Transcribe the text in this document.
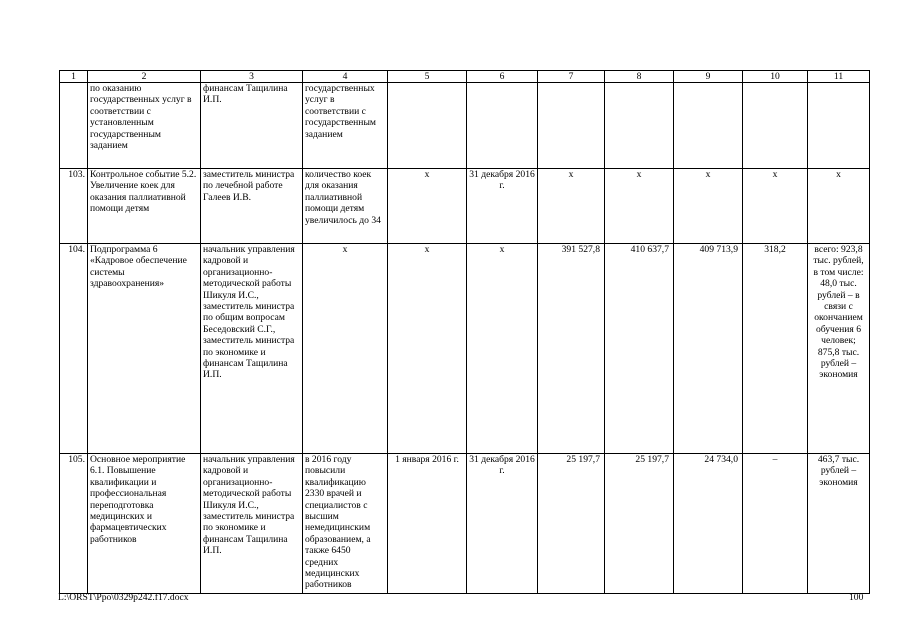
1	2	3	4	5	6	7	8	9	10	11
	по оказанию государственных услуг в соответствии с установленным государственным заданием	финансам Тащилина И.П.	государственных услуг в соответствии с государственным заданием							
103.	Контрольное событие 5.2. Увеличение коек для оказания паллиативной помощи детям	заместитель министра по лечебной работе Галеев И.В.	количество коек для оказания паллиативной помощи детям увеличилось до 34	х	31 декабря 2016 г.	х	х	х	х	х
104.	Подпрограмма 6 «Кадровое обеспечение системы здравоохранения»	начальник управления кадровой и организационно-методической работы Шикуля И.С., заместитель министра по общим вопросам Беседовский С.Г., заместитель министра по экономике и финансам Тащилина И.П.	х	х	х	391 527,8	410 637,7	409 713,9	318,2	всего: 923,8 тыс. рублей, в том числе: 48,0 тыс. рублей – в связи с окончанием обучения 6 человек; 875,8 тыс. рублей – экономия
105.	Основное мероприятие 6.1. Повышение квалификации и профессиональная переподготовка медицинских и фармацевтических работников	начальник управления кадровой и организационно-методической работы Шикуля И.С., заместитель министра по экономике и финансам Тащилина И.П.	в 2016 году повысили квалификацию 2330 врачей и специалистов с высшим немедицинским образованием, а также 6450 средних медицинских работников	1 января 2016 г.	31 декабря 2016 г.	25 197,7	25 197,7	24 734,0	–	463,7 тыс. рублей – экономия
L:\ORST\Ppo\0329p242.f17.docx	100
